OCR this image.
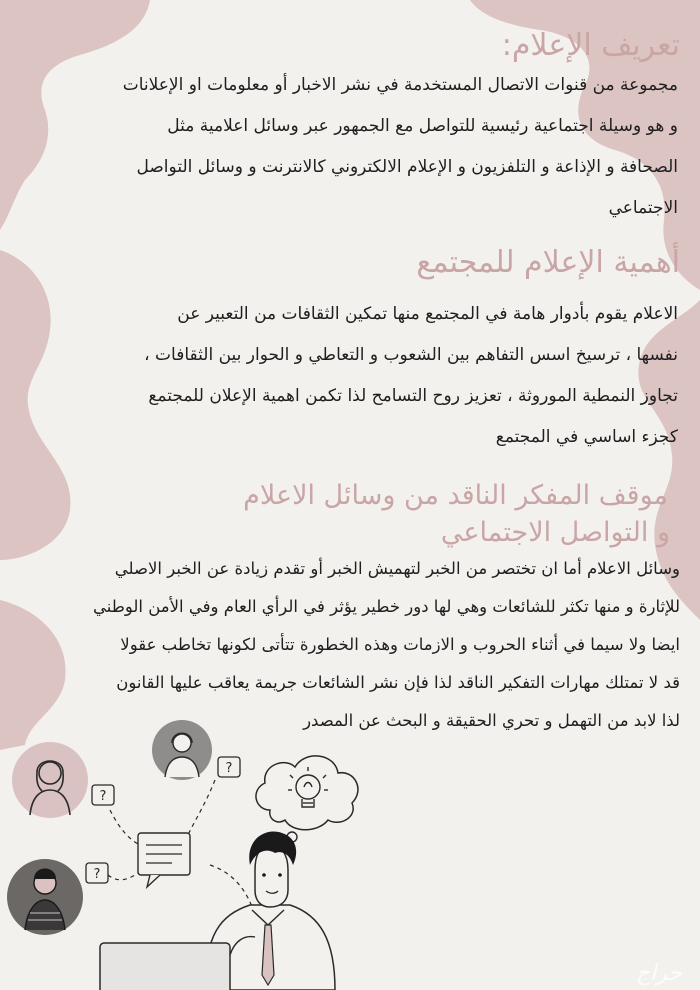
تعريف الإعلام:

مجموعة من قنوات الاتصال المستخدمة في نشر الاخبار أو معلومات او الإعلانات
و هو وسيلة اجتماعية رئيسية للتواصل مع الجمهور عبر وسائل اعلامية مثل
الصحافة و الإذاعة و التلفزيون و الإعلام الالكتروني كالانترنت و وسائل التواصل
الاجتماعي

أهمية الإعلام للمجتمع

الاعلام يقوم بأدوار هامة في المجتمع منها تمكين الثقافات من التعبير عن
نفسها ، ترسيخ اسس التفاهم بين الشعوب و التعاطي و الحوار بين الثقافات ،
تجاوز النمطية الموروثة ، تعزيز روح التسامح لذا تكمن اهمية الإعلان للمجتمع
كجزء اساسي في المجتمع

موقف المفكر الناقد من وسائل الاعلام
و التواصل الاجتماعي

وسائل الاعلام أما ان تختصر من الخبر لتهميش الخبر أو تقدم زيادة عن الخبر الاصلي
للإثارة و منها تكثر للشائعات وهي لها دور خطير يؤثر في الرأي العام وفي الأمن الوطني
ايضا ولا سيما في أثناء الحروب و الازمات وهذه الخطورة تتأتى لكونها تخاطب عقولا
قد لا تمتلك مهارات التفكير الناقد لذا فإن نشر الشائعات جريمة يعاقب عليها القانون
لذا لابد من التهمل و تحري الحقيقة و البحث عن المصدر

?
?
?
حراج
